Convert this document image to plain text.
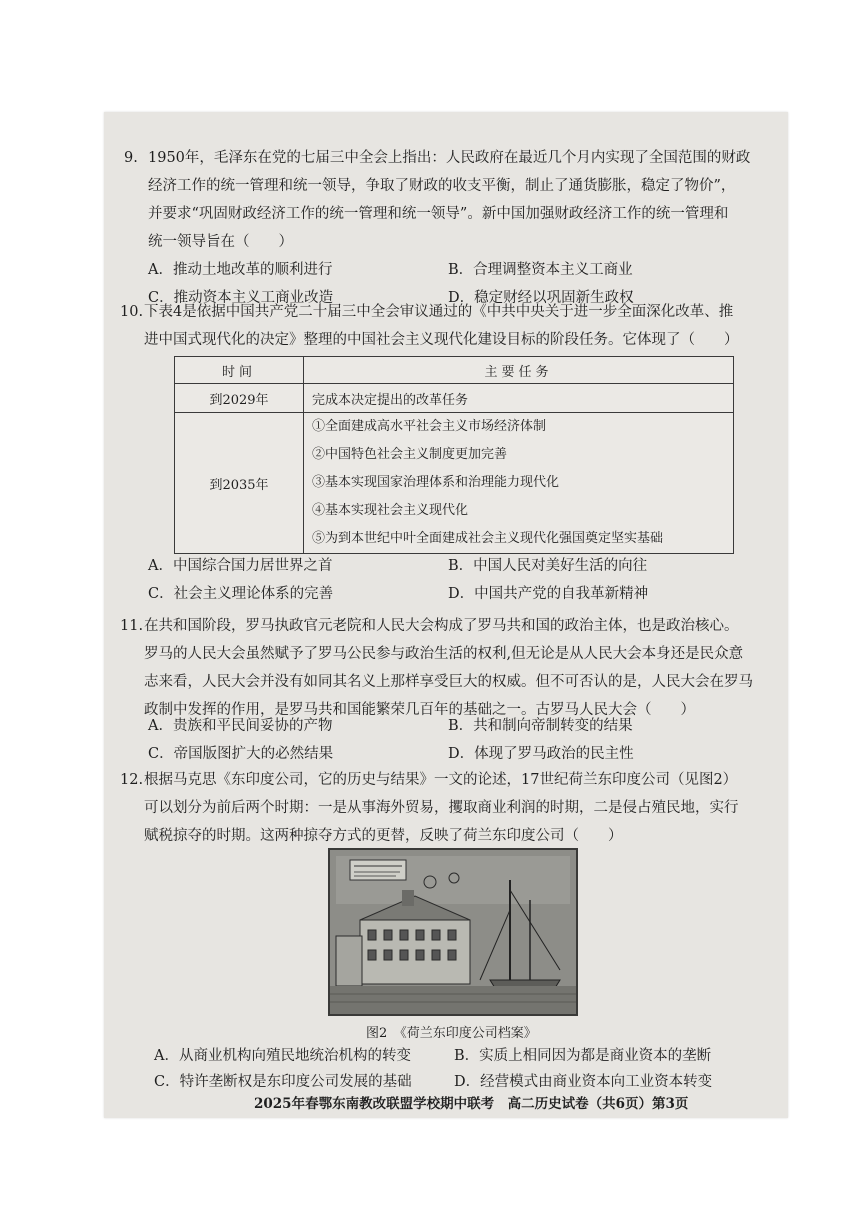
9. 1950年，毛泽东在党的七届三中全会上指出：人民政府在最近几个月内实现了全国范围的财政
经济工作的统一管理和统一领导，争取了财政的收支平衡，制止了通货膨胀，稳定了物价”，
并要求“巩固财政经济工作的统一管理和统一领导”。新中国加强财政经济工作的统一管理和
统一领导旨在（　　）
A．推动土地改革的顺利进行	B．合理调整资本主义工商业
C．推动资本主义工商业改造	D．稳定财经以巩固新生政权
10.下表4是依据中国共产党二十届三中全会审议通过的《中共中央关于进一步全面深化改革、推
进中国式现代化的决定》整理的中国社会主义现代化建设目标的阶段任务。它体现了（　　）
时间	主要任务
到2029年	完成本决定提出的改革任务
到2035年	①全面建成高水平社会主义市场经济体制
②中国特色社会主义制度更加完善
③基本实现国家治理体系和治理能力现代化
④基本实现社会主义现代化
⑤为到本世纪中叶全面建成社会主义现代化强国奠定坚实基础
A．中国综合国力居世界之首	B．中国人民对美好生活的向往
C．社会主义理论体系的完善	D．中国共产党的自我革新精神
11.在共和国阶段，罗马执政官元老院和人民大会构成了罗马共和国的政治主体，也是政治核心。
罗马的人民大会虽然赋予了罗马公民参与政治生活的权利,但无论是从人民大会本身还是民众意
志来看，人民大会并没有如同其名义上那样享受巨大的权威。但不可否认的是，人民大会在罗马
政制中发挥的作用，是罗马共和国能繁荣几百年的基础之一。古罗马人民大会（　　）
A．贵族和平民间妥协的产物	B．共和制向帝制转变的结果
C．帝国版图扩大的必然结果	D．体现了罗马政治的民主性
12.根据马克思《东印度公司，它的历史与结果》一文的论述，17世纪荷兰东印度公司（见图2）
可以划分为前后两个时期：一是从事海外贸易，攫取商业利润的时期，二是侵占殖民地，实行
赋税掠夺的时期。这两种掠夺方式的更替，反映了荷兰东印度公司（　　）
图2　《荷兰东印度公司档案》
A．从商业机构向殖民地统治机构的转变	B．实质上相同因为都是商业资本的垄断
C．特许垄断权是东印度公司发展的基础	D．经营模式由商业资本向工业资本转变
2025年春鄂东南教改联盟学校期中联考　高二历史试卷（共6页）第3页
